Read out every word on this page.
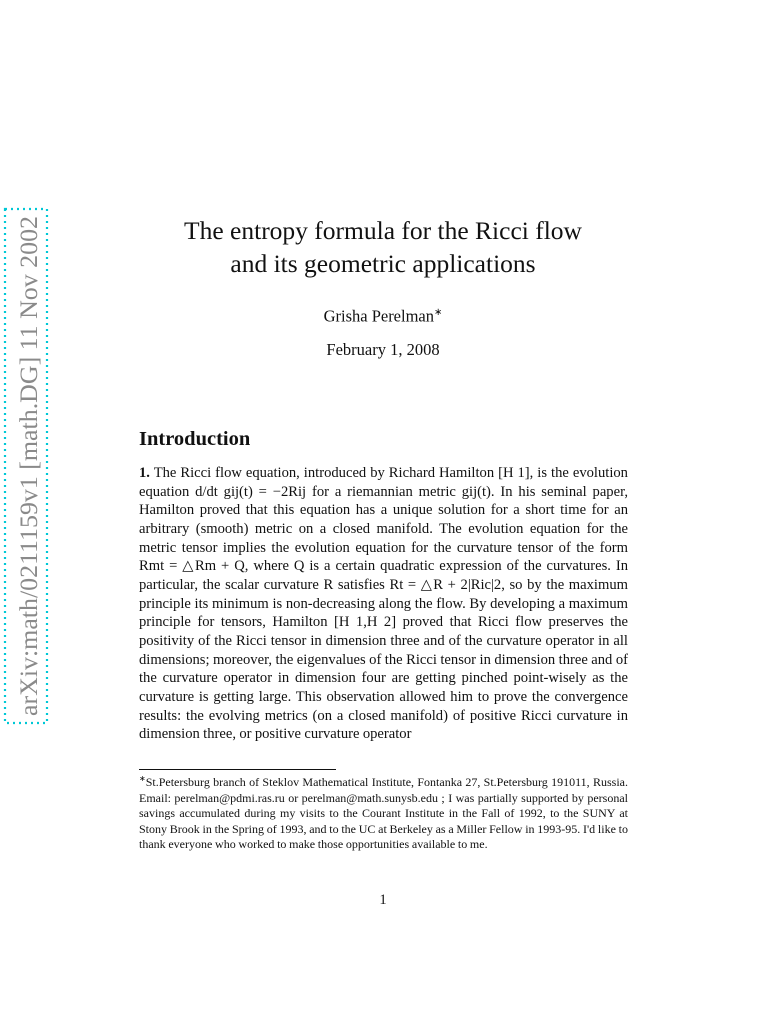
arXiv:math/0211159v1 [math.DG] 11 Nov 2002
The entropy formula for the Ricci flow
and its geometric applications
Grisha Perelman∗
February 1, 2008
Introduction

1. The Ricci flow equation, introduced by Richard Hamilton [H 1], is the evolution equation d/dt gij(t) = −2Rij for a riemannian metric gij(t). In his seminal paper, Hamilton proved that this equation has a unique solution for a short time for an arbitrary (smooth) metric on a closed manifold. The evolution equation for the metric tensor implies the evolution equation for the curvature tensor of the form Rmt = △Rm + Q, where Q is a certain quadratic expression of the curvatures. In particular, the scalar curvature R satisfies Rt = △R + 2|Ric|2, so by the maximum principle its minimum is non-decreasing along the flow. By developing a maximum principle for tensors, Hamilton [H 1,H 2] proved that Ricci flow preserves the positivity of the Ricci tensor in dimension three and of the curvature operator in all dimensions; moreover, the eigenvalues of the Ricci tensor in dimension three and of the curvature operator in dimension four are getting pinched point-wisely as the curvature is getting large. This observation allowed him to prove the convergence results: the evolving metrics (on a closed manifold) of positive Ricci curvature in dimension three, or positive curvature operator

∗St.Petersburg branch of Steklov Mathematical Institute, Fontanka 27, St.Petersburg 191011, Russia. Email: perelman@pdmi.ras.ru or perelman@math.sunysb.edu ; I was partially supported by personal savings accumulated during my visits to the Courant Institute in the Fall of 1992, to the SUNY at Stony Brook in the Spring of 1993, and to the UC at Berkeley as a Miller Fellow in 1993-95. I'd like to thank everyone who worked to make those opportunities available to me.

1
